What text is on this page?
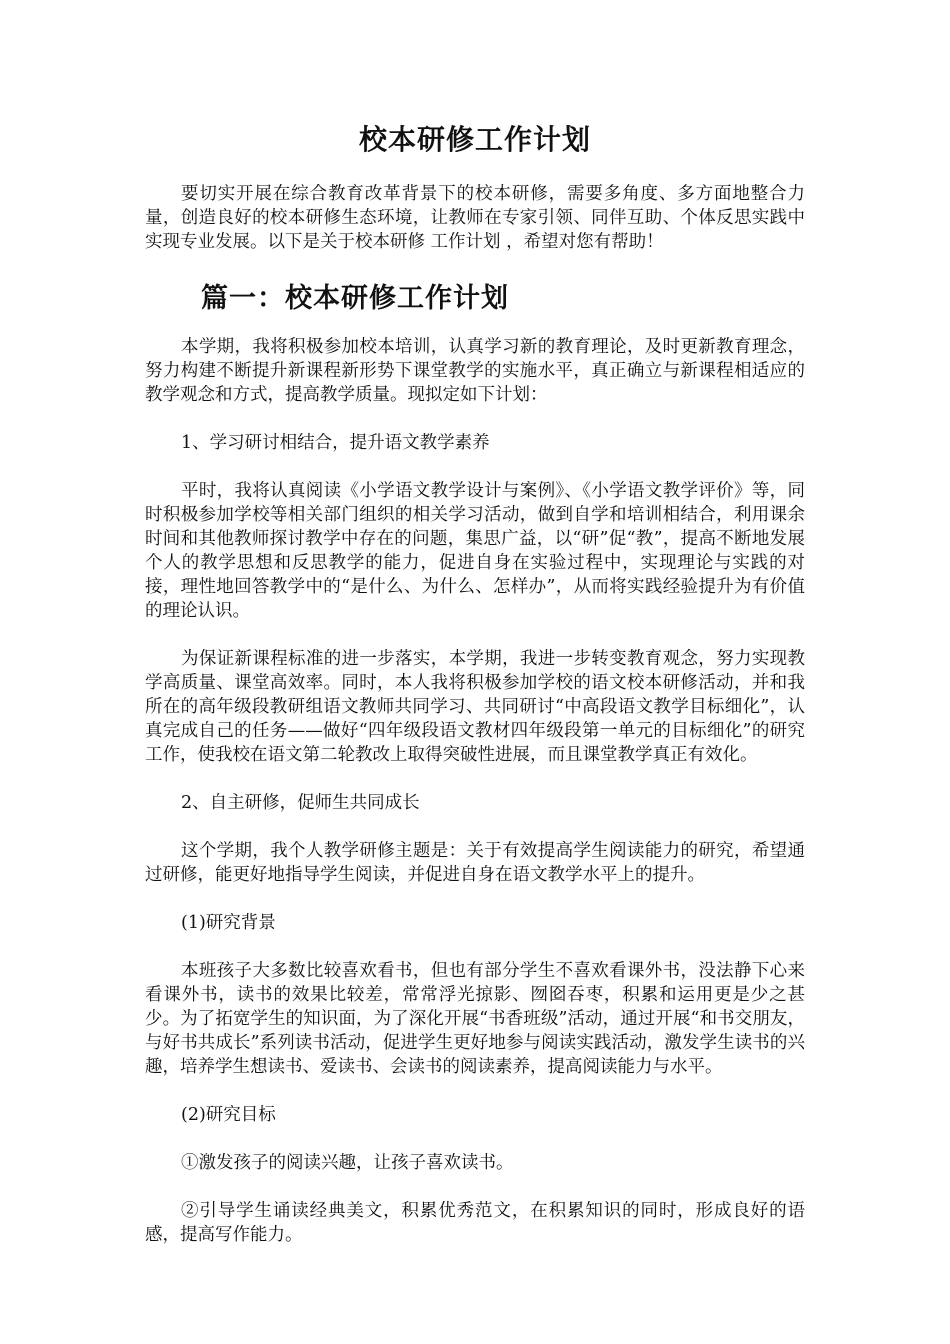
校本研修工作计划

要切实开展在综合教育改革背景下的校本研修，需要多角度、多方面地整合力量，创造良好的校本研修生态环境，让教师在专家引领、同伴互助、个体反思实践中实现专业发展。以下是关于校本研修 工作计划 ，希望对您有帮助！

篇一：校本研修工作计划

本学期，我将积极参加校本培训，认真学习新的教育理论，及时更新教育理念，努力构建不断提升新课程新形势下课堂教学的实施水平，真正确立与新课程相适应的教学观念和方式，提高教学质量。现拟定如下计划：

1、学习研讨相结合，提升语文教学素养

平时，我将认真阅读《小学语文教学设计与案例》、《小学语文教学评价》等，同时积极参加学校等相关部门组织的相关学习活动，做到自学和培训相结合，利用课余时间和其他教师探讨教学中存在的问题，集思广益，以“研”促“教”，提高不断地发展个人的教学思想和反思教学的能力，促进自身在实验过程中，实现理论与实践的对接，理性地回答教学中的“是什么、为什么、怎样办”，从而将实践经验提升为有价值的理论认识。

为保证新课程标准的进一步落实，本学期，我进一步转变教育观念，努力实现教学高质量、课堂高效率。同时，本人我将积极参加学校的语文校本研修活动，并和我所在的高年级段教研组语文教师共同学习、共同研讨“中高段语文教学目标细化”，认真完成自己的任务——做好“四年级段语文教材四年级段第一单元的目标细化”的研究工作，使我校在语文第二轮教改上取得突破性进展，而且课堂教学真正有效化。

2、自主研修，促师生共同成长

这个学期，我个人教学研修主题是：关于有效提高学生阅读能力的研究，希望通过研修，能更好地指导学生阅读，并促进自身在语文教学水平上的提升。

(1)研究背景

本班孩子大多数比较喜欢看书，但也有部分学生不喜欢看课外书，没法静下心来看课外书，读书的效果比较差，常常浮光掠影、囫囵吞枣，积累和运用更是少之甚少。为了拓宽学生的知识面，为了深化开展“书香班级”活动，通过开展“和书交朋友，与好书共成长”系列读书活动，促进学生更好地参与阅读实践活动，激发学生读书的兴趣，培养学生想读书、爱读书、会读书的阅读素养，提高阅读能力与水平。

(2)研究目标

①激发孩子的阅读兴趣，让孩子喜欢读书。

②引导学生诵读经典美文，积累优秀范文，在积累知识的同时，形成良好的语感，提高写作能力。
